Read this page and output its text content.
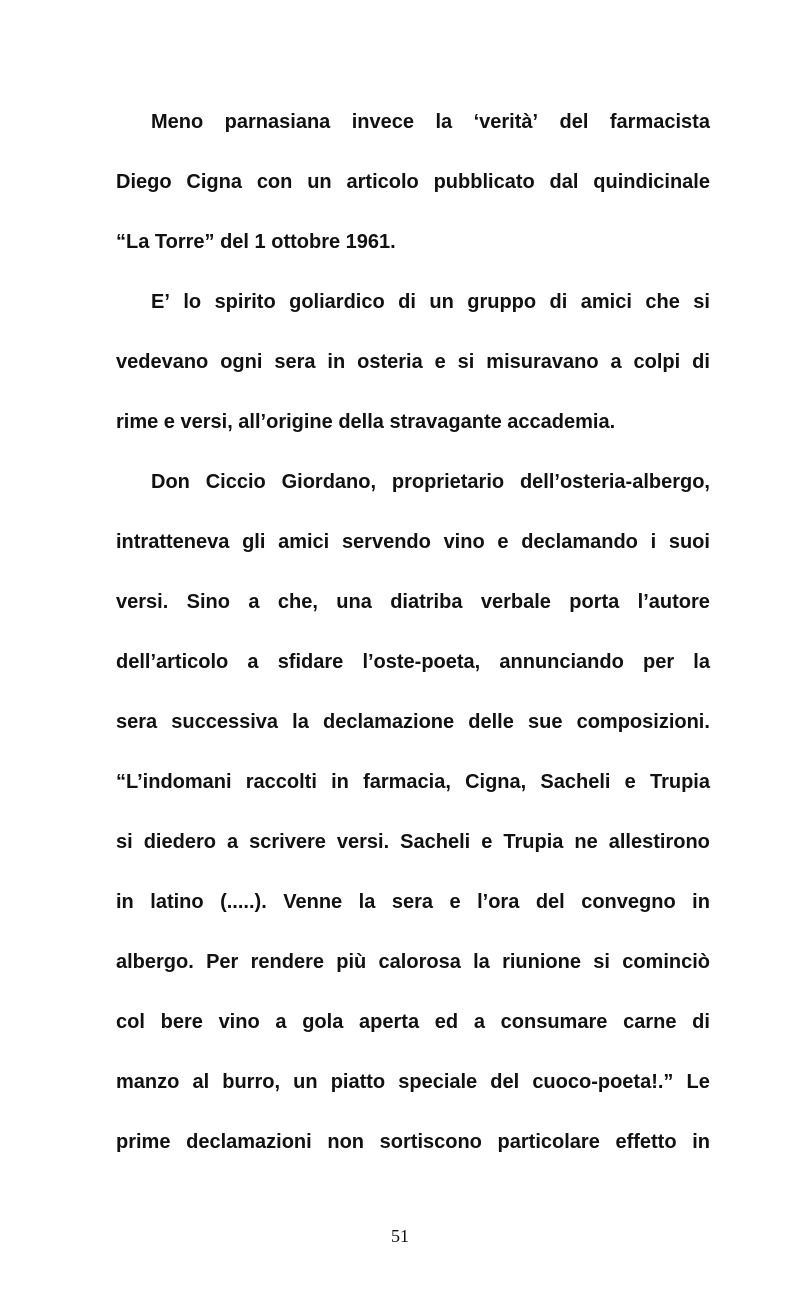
Meno parnasiana invece la ‘verità’ del farmacista
Diego Cigna con un articolo pubblicato dal quindicinale
“La Torre” del 1 ottobre 1961.
E’ lo spirito goliardico di un gruppo di amici che si
vedevano ogni sera in osteria e si misuravano a colpi di
rime e versi, all’origine della stravagante accademia.
Don Ciccio Giordano, proprietario dell’osteria-albergo,
intratteneva gli amici servendo vino e declamando i suoi
versi. Sino a che, una diatriba verbale porta l’autore
dell’articolo a sfidare l’oste-poeta, annunciando per la
sera successiva la declamazione delle sue composizioni.
“L’indomani raccolti in farmacia, Cigna, Sacheli e Trupia
si diedero a scrivere versi. Sacheli e Trupia ne allestirono
in latino (.....). Venne la sera e l’ora del convegno in
albergo. Per rendere più calorosa la riunione si cominciò
col bere vino a gola aperta ed a consumare carne di
manzo al burro, un piatto speciale del cuoco-poeta!.” Le
prime declamazioni non sortiscono particolare effetto in
51
